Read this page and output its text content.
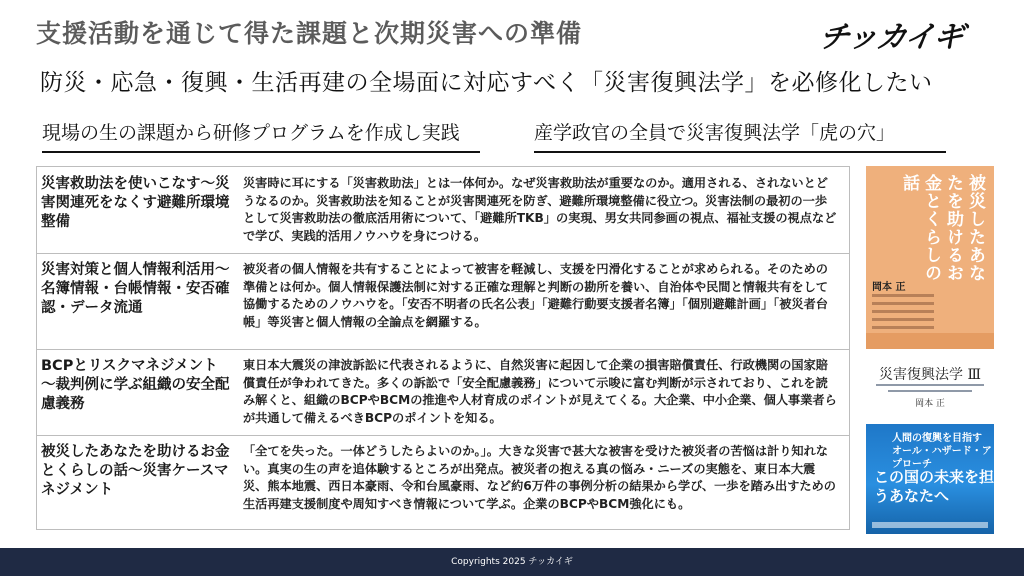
支援活動を通じて得た課題と次期災害への準備	チッカイギ
防災・応急・復興・生活再建の全場面に対応すべく「災害復興法学」を必修化したい
現場の生の課題から研修プログラムを作成し実践	産学政官の全員で災害復興法学「虎の穴」
災害救助法を使いこなす～災害関連死をなくす避難所環境整備
災害時に耳にする「災害救助法」とは一体何か。なぜ災害救助法が重要なのか。適用される、されないとどうなるのか。災害救助法を知ることが災害関連死を防ぎ、避難所環境整備に役立つ。災害法制の最初の一歩として災害救助法の徹底活用術について、「避難所TKB」の実現、男女共同参画の視点、福祉支援の視点などで学び、実践的活用ノウハウを身につける。
災害対策と個人情報利活用～名簿情報・台帳情報・安否確認・データ流通
被災者の個人情報を共有することによって被害を軽減し、支援を円滑化することが求められる。そのための準備とは何か。個人情報保護法制に対する正確な理解と判断の勘所を養い、自治体や民間と情報共有をして協働するためのノウハウを。「安否不明者の氏名公表」「避難行動要支援者名簿」「個別避難計画」「被災者台帳」等災害と個人情報の全論点を網羅する。
BCPとリスクマネジメント～裁判例に学ぶ組織の安全配慮義務
東日本大震災の津波訴訟に代表されるように、自然災害に起因して企業の損害賠償責任、行政機関の国家賠償責任が争われてきた。多くの訴訟で「安全配慮義務」について示唆に富む判断が示されており、これを読み解くと、組織のBCPやBCMの推進や人材育成のポイントが見えてくる。大企業、中小企業、個人事業者らが共通して備えるべきBCPのポイントを知る。
被災したあなたを助けるお金とくらしの話～災害ケースマネジメント
「全てを失った。一体どうしたらよいのか。」。大きな災害で甚大な被害を受けた被災者の苦悩は計り知れない。真実の生の声を追体験するところが出発点。被災者の抱える真の悩み・ニーズの実態を、東日本大震災、熊本地震、西日本豪雨、令和台風豪雨、など約6万件の事例分析の結果から学び、一歩を踏み出すための生活再建支援制度や周知すべき情報について学ぶ。企業のBCPやBCM強化にも。
被災したあなたを助けるお金とくらしの話
岡本 正
災害復興法学 Ⅲ
岡本 正
人間の復興を目指す オール・ハザード・アプローチ
この国の未来を担うあなたへ
Copyrights 2025 チッカイギ
